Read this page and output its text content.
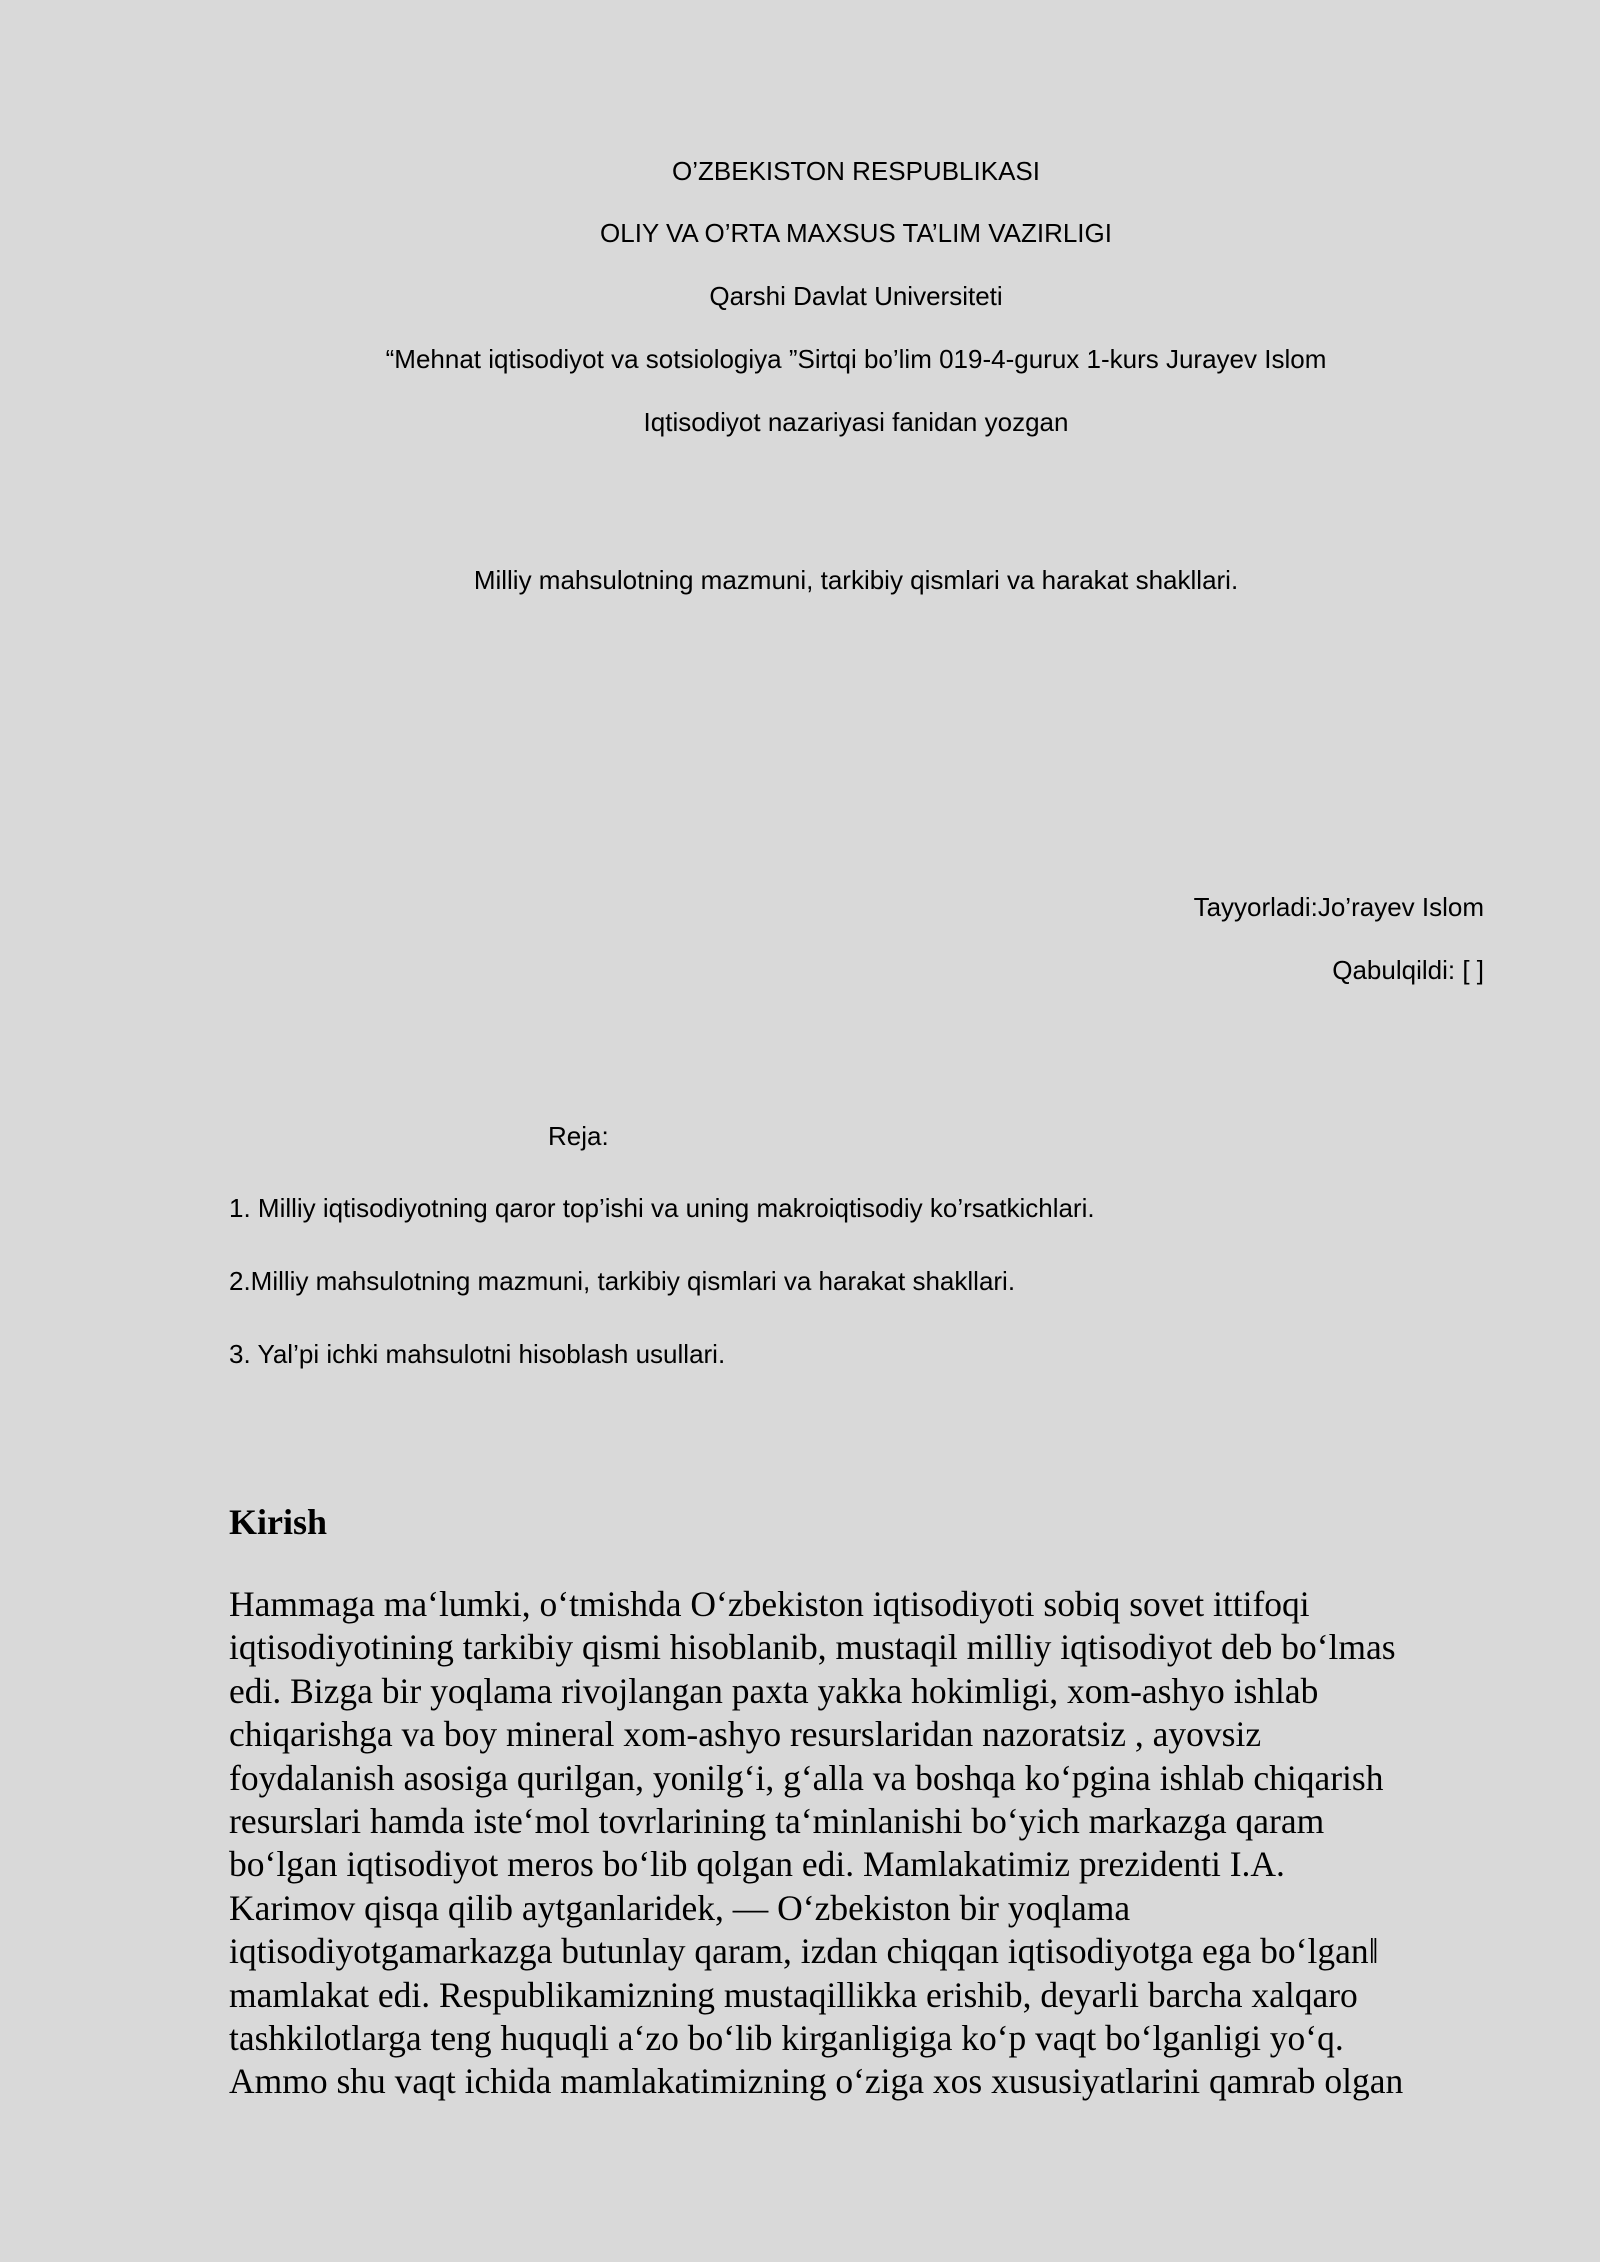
O’ZBEKISTON RESPUBLIKASI
OLIY VA O’RTA MAXSUS TA’LIM VAZIRLIGI
Qarshi Davlat Universiteti
“Mehnat iqtisodiyot va sotsiologiya ”Sirtqi bo’lim 019-4-gurux 1-kurs Jurayev Islom
Iqtisodiyot nazariyasi fanidan yozgan
Milliy mahsulotning mazmuni, tarkibiy qismlari va harakat shakllari.
Tayyorladi:Jo’rayev Islom
Qabulqildi: [ ]
Reja:
1. Milliy iqtisodiyotning qaror top’ishi va uning makroiqtisodiy ko’rsatkichlari.
2.Milliy mahsulotning mazmuni, tarkibiy qismlari va harakat shakllari.
3. Yal’pi ichki mahsulotni hisoblash usullari.
Kirish
Hammaga ma‘lumki, o‘tmishda O‘zbekiston iqtisodiyoti sobiq sovet ittifoqi
iqtisodiyotining tarkibiy qismi hisoblanib, mustaqil milliy iqtisodiyot deb bo‘lmas
edi. Bizga bir yoqlama rivojlangan paxta yakka hokimligi, xom-ashyo ishlab
chiqarishga va boy mineral xom-ashyo resurslaridan nazoratsiz , ayovsiz
foydalanish asosiga qurilgan, yonilg‘i, g‘alla va boshqa ko‘pgina ishlab chiqarish
resurslari hamda iste‘mol tovrlarining ta‘minlanishi bo‘yich markazga qaram
bo‘lgan iqtisodiyot meros bo‘lib qolgan edi. Mamlakatimiz prezidenti I.A.
Karimov qisqa qilib aytganlaridek, ― O‘zbekiston bir yoqlama
iqtisodiyotgamarkazga butunlay qaram, izdan chiqqan iqtisodiyotga ega bo‘lgan‖
mamlakat edi. Respublikamizning mustaqillikka erishib, deyarli barcha xalqaro
tashkilotlarga teng huquqli a‘zo bo‘lib kirganligiga ko‘p vaqt bo‘lganligi yo‘q.
Ammo shu vaqt ichida mamlakatimizning o‘ziga xos xususiyatlarini qamrab olgan
